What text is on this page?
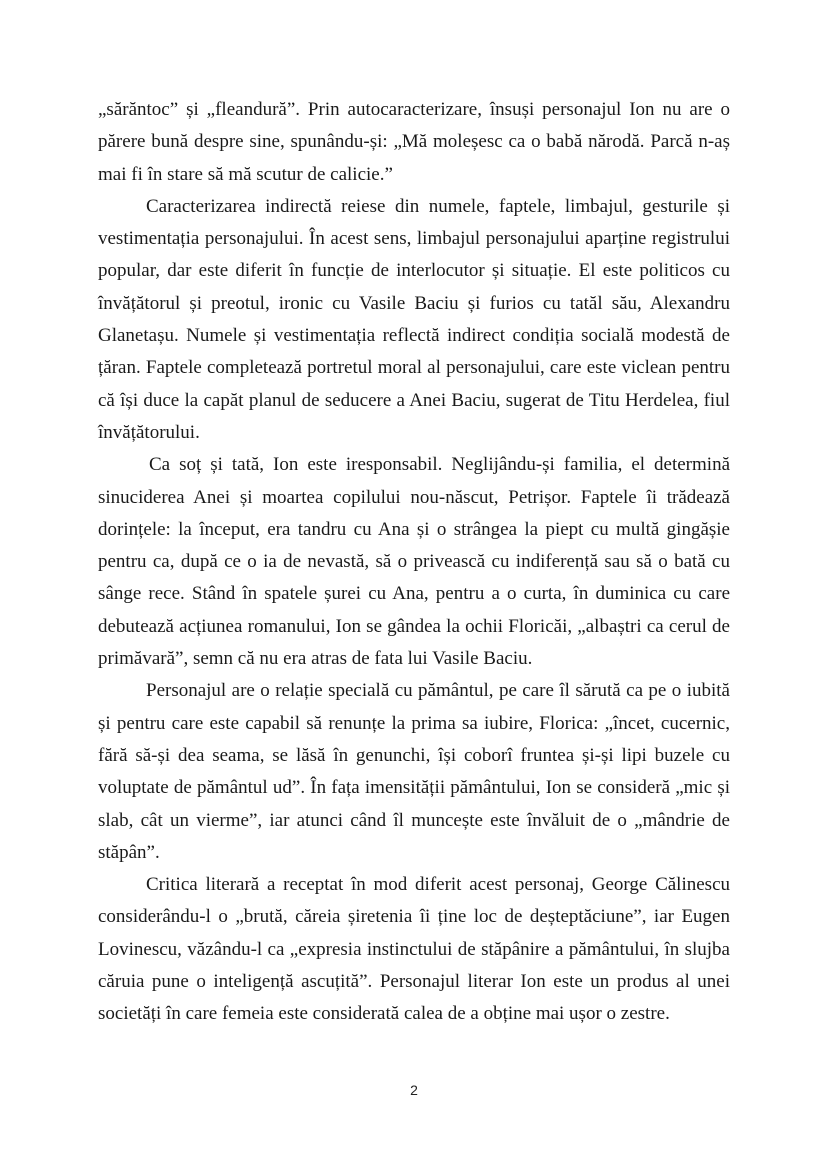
„sărăntoc” și „fleandură”. Prin autocaracterizare, însuși personajul Ion nu are o părere bună despre sine, spunându-și: „Mă moleșesc ca o babă nărodă. Parcă n-aș mai fi în stare să mă scutur de calicie.”

Caracterizarea indirectă reiese din numele, faptele, limbajul, gesturile și vestimentația personajului. În acest sens, limbajul personajului aparține registrului popular, dar este diferit în funcție de interlocutor și situație. El este politicos cu învățătorul și preotul, ironic cu Vasile Baciu și furios cu tatăl său, Alexandru Glanetașu. Numele și vestimentația reflectă indirect condiția socială modestă de țăran. Faptele completează portretul moral al personajului, care este viclean pentru că își duce la capăt planul de seducere a Anei Baciu, sugerat de Titu Herdelea, fiul învățătorului.

Ca soț și tată, Ion este iresponsabil. Neglijându-și familia, el determină sinuciderea Anei și moartea copilului nou-născut, Petrișor. Faptele îi trădează dorințele: la început, era tandru cu Ana și o strângea la piept cu multă gingășie pentru ca, după ce o ia de nevastă, să o privească cu indiferență sau să o bată cu sânge rece. Stând în spatele șurei cu Ana, pentru a o curta, în duminica cu care debutează acțiunea romanului, Ion se gândea la ochii Floricăi, „albaștri ca cerul de primăvară”, semn că nu era atras de fata lui Vasile Baciu.

Personajul are o relație specială cu pământul, pe care îl sărută ca pe o iubită și pentru care este capabil să renunțe la prima sa iubire, Florica: „încet, cucernic, fără să-și dea seama, se lăsă în genunchi, își coborî fruntea și-și lipi buzele cu voluptate de pământul ud”. În fața imensității pământului, Ion se consideră „mic și slab, cât un vierme”, iar atunci când îl muncește este învăluit de o „mândrie de stăpân”.

Critica literară a receptat în mod diferit acest personaj, George Călinescu considerându-l o „brută, căreia șiretenia îi ține loc de deșteptăciune”, iar Eugen Lovinescu, văzându-l ca „expresia instinctului de stăpânire a pământului, în slujba căruia pune o inteligență ascuțită”. Personajul literar Ion este un produs al unei societăți în care femeia este considerată calea de a obține mai ușor o zestre.

2
